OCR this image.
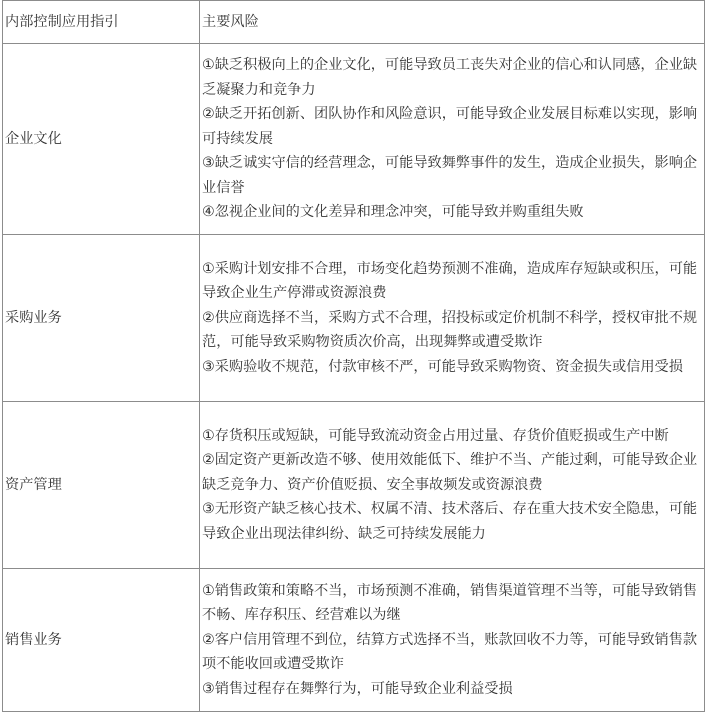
内部控制应用指引	主要风险
企业文化	①缺乏积极向上的企业文化，可能导致员工丧失对企业的信心和认同感，企业缺乏凝聚力和竞争力
②缺乏开拓创新、团队协作和风险意识，可能导致企业发展目标难以实现，影响可持续发展
③缺乏诚实守信的经营理念，可能导致舞弊事件的发生，造成企业损失，影响企业信誉
④忽视企业间的文化差异和理念冲突，可能导致并购重组失败

采购业务	①采购计划安排不合理，市场变化趋势预测不准确，造成库存短缺或积压，可能导致企业生产停滞或资源浪费
②供应商选择不当，采购方式不合理，招投标或定价机制不科学，授权审批不规范，可能导致采购物资质次价高，出现舞弊或遭受欺诈
③采购验收不规范，付款审核不严，可能导致采购物资、资金损失或信用受损

资产管理	①存货积压或短缺，可能导致流动资金占用过量、存货价值贬损或生产中断
②固定资产更新改造不够、使用效能低下、维护不当、产能过剩，可能导致企业缺乏竞争力、资产价值贬损、安全事故频发或资源浪费
③无形资产缺乏核心技术、权属不清、技术落后、存在重大技术安全隐患，可能导致企业出现法律纠纷、缺乏可持续发展能力

销售业务	①销售政策和策略不当，市场预测不准确，销售渠道管理不当等，可能导致销售不畅、库存积压、经营难以为继
②客户信用管理不到位，结算方式选择不当，账款回收不力等，可能导致销售款项不能收回或遭受欺诈
③销售过程存在舞弊行为，可能导致企业利益受损
